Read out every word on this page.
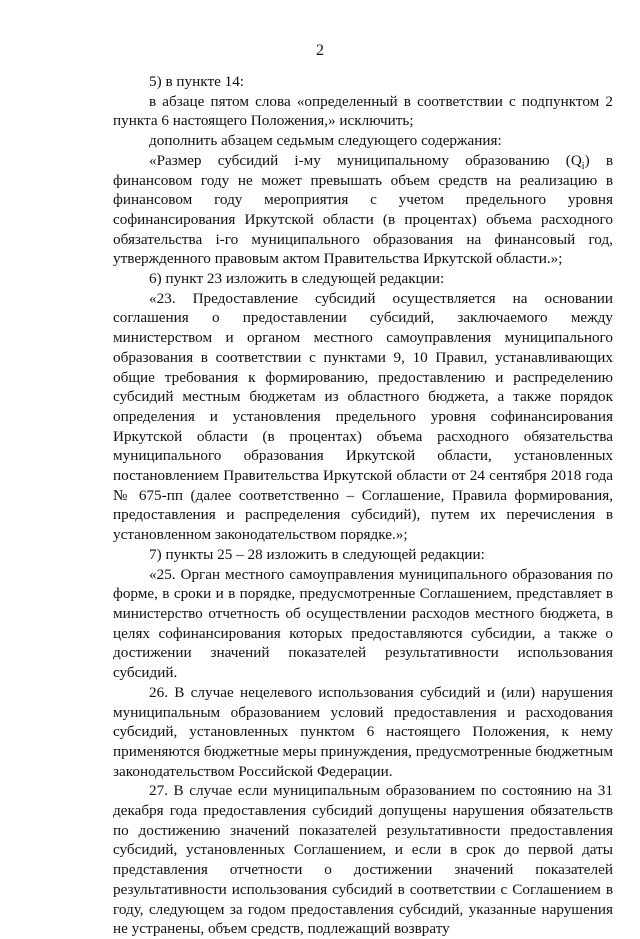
2

5) в пункте 14:

в абзаце пятом слова «определенный в соответствии с подпунктом 2 пункта 6 настоящего Положения,» исключить;

дополнить абзацем седьмым следующего содержания:

«Размер субсидий i-му муниципальному образованию $(Q_i)$ в финансовом году не может превышать объем средств на реализацию в финансовом году мероприятия с учетом предельного уровня софинансирования Иркутской области (в процентах) объема расходного обязательства i-го муниципального образования на финансовый год, утвержденного правовым актом Правительства Иркутской области.»;

6) пункт 23 изложить в следующей редакции:

«23. Предоставление субсидий осуществляется на основании соглашения о предоставлении субсидий, заключаемого между министерством и органом местного самоуправления муниципального образования в соответствии с пунктами 9, 10 Правил, устанавливающих общие требования к формированию, предоставлению и распределению субсидий местным бюджетам из областного бюджета, а также порядок определения и установления предельного уровня софинансирования Иркутской области (в процентах) объема расходного обязательства муниципального образования Иркутской области, установленных постановлением Правительства Иркутской области от 24 сентября 2018 года № 675-пп (далее соответственно – Соглашение, Правила формирования, предоставления и распределения субсидий), путем их перечисления в установленном законодательством порядке.»;

7) пункты 25 – 28 изложить в следующей редакции:

«25. Орган местного самоуправления муниципального образования по форме, в сроки и в порядке, предусмотренные Соглашением, представляет в министерство отчетность об осуществлении расходов местного бюджета, в целях софинансирования которых предоставляются субсидии, а также о достижении значений показателей результативности использования субсидий.

26. В случае нецелевого использования субсидий и (или) нарушения муниципальным образованием условий предоставления и расходования субсидий, установленных пунктом 6 настоящего Положения, к нему применяются бюджетные меры принуждения, предусмотренные бюджетным законодательством Российской Федерации.

27. В случае если муниципальным образованием по состоянию на 31 декабря года предоставления субсидий допущены нарушения обязательств по достижению значений показателей результативности предоставления субсидий, установленных Соглашением, и если в срок до первой даты представления отчетности о достижении значений показателей результативности использования субсидий в соответствии с Соглашением в году, следующем за годом предоставления субсидий, указанные нарушения не устранены, объем средств, подлежащий возврату
